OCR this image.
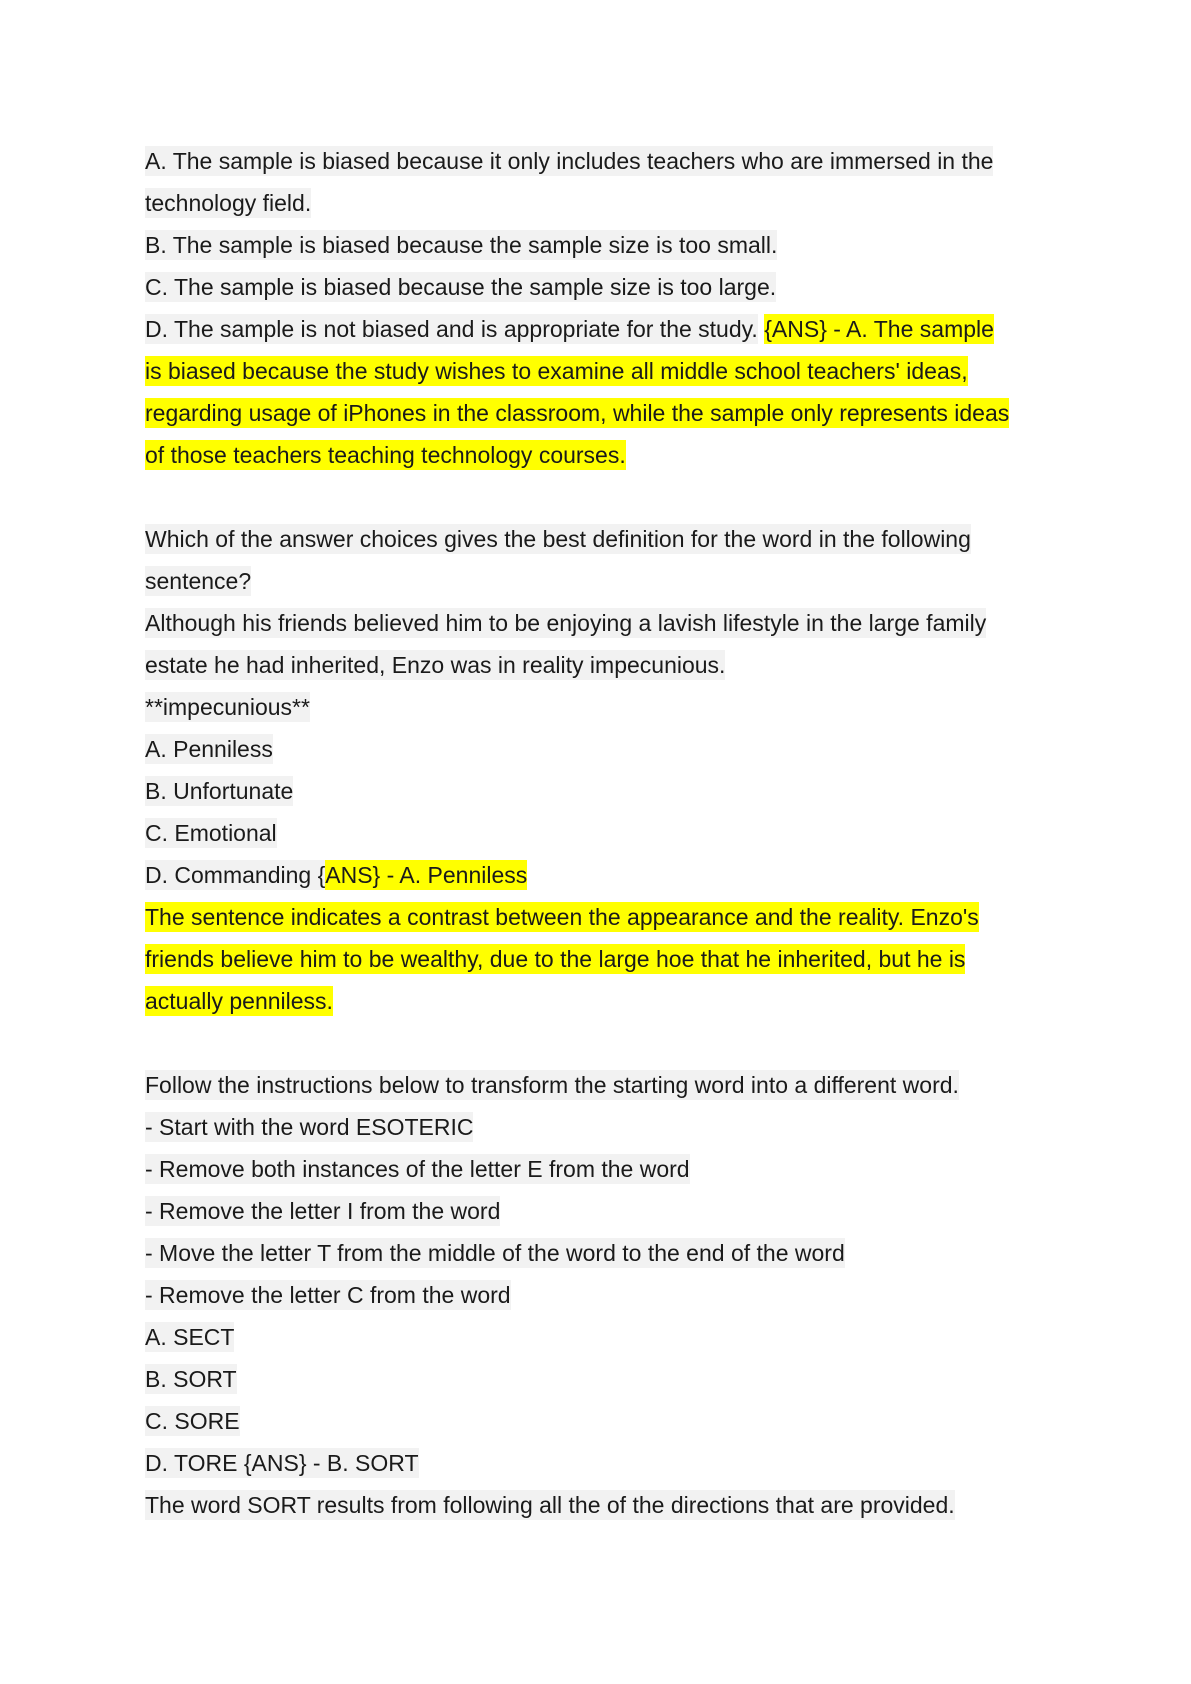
A. The sample is biased because it only includes teachers who are immersed in the
technology field.
B. The sample is biased because the sample size is too small.
C. The sample is biased because the sample size is too large.
D. The sample is not biased and is appropriate for the study. {ANS} - A. The sample
is biased because the study wishes to examine all middle school teachers' ideas,
regarding usage of iPhones in the classroom, while the sample only represents ideas
of those teachers teaching technology courses.
Which of the answer choices gives the best definition for the word in the following
sentence?
Although his friends believed him to be enjoying a lavish lifestyle in the large family
estate he had inherited, Enzo was in reality impecunious.
**impecunious**
A. Penniless
B. Unfortunate
C. Emotional
D. Commanding {ANS} - A. Penniless
The sentence indicates a contrast between the appearance and the reality. Enzo's
friends believe him to be wealthy, due to the large hoe that he inherited, but he is
actually penniless.
Follow the instructions below to transform the starting word into a different word.
- Start with the word ESOTERIC
- Remove both instances of the letter E from the word
- Remove the letter I from the word
- Move the letter T from the middle of the word to the end of the word
- Remove the letter C from the word
A. SECT
B. SORT
C. SORE
D. TORE {ANS} - B. SORT
The word SORT results from following all the of the directions that are provided.
